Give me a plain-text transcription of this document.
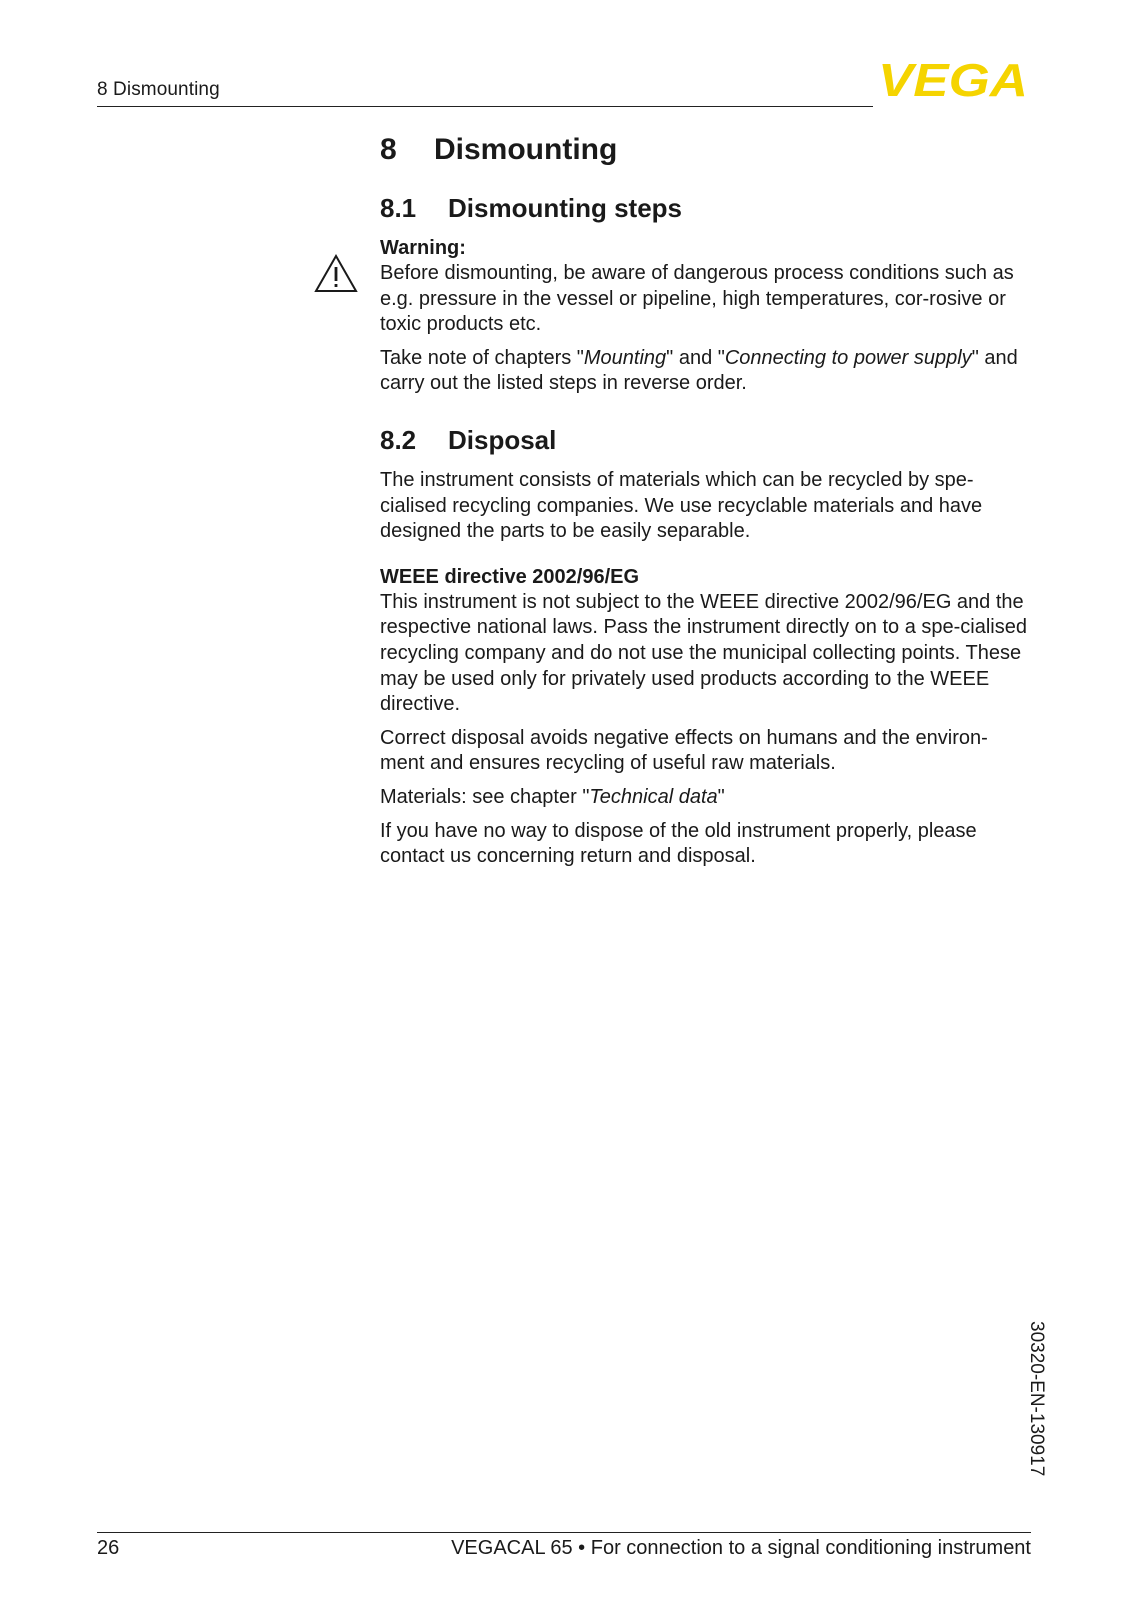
8 Dismounting	VEGA
8	Dismounting
8.1	Dismounting steps
Warning:

Before dismounting, be aware of dangerous process conditions such as e.g. pressure in the vessel or pipeline, high temperatures, cor-rosive or toxic products etc.

Take note of chapters "Mounting" and "Connecting to power supply" and carry out the listed steps in reverse order.

8.2	Disposal

The instrument consists of materials which can be recycled by spe-cialised recycling companies. We use recyclable materials and have designed the parts to be easily separable.

WEEE directive 2002/96/EG

This instrument is not subject to the WEEE directive 2002/96/EG and the respective national laws. Pass the instrument directly on to a spe-cialised recycling company and do not use the municipal collecting points. These may be used only for privately used products according to the WEEE directive.

Correct disposal avoids negative effects on humans and the environ-ment and ensures recycling of useful raw materials.

Materials: see chapter "Technical data"

If you have no way to dispose of the old instrument properly, please contact us concerning return and disposal.

30320-EN-130917
26	VEGACAL 65 • For connection to a signal conditioning instrument
